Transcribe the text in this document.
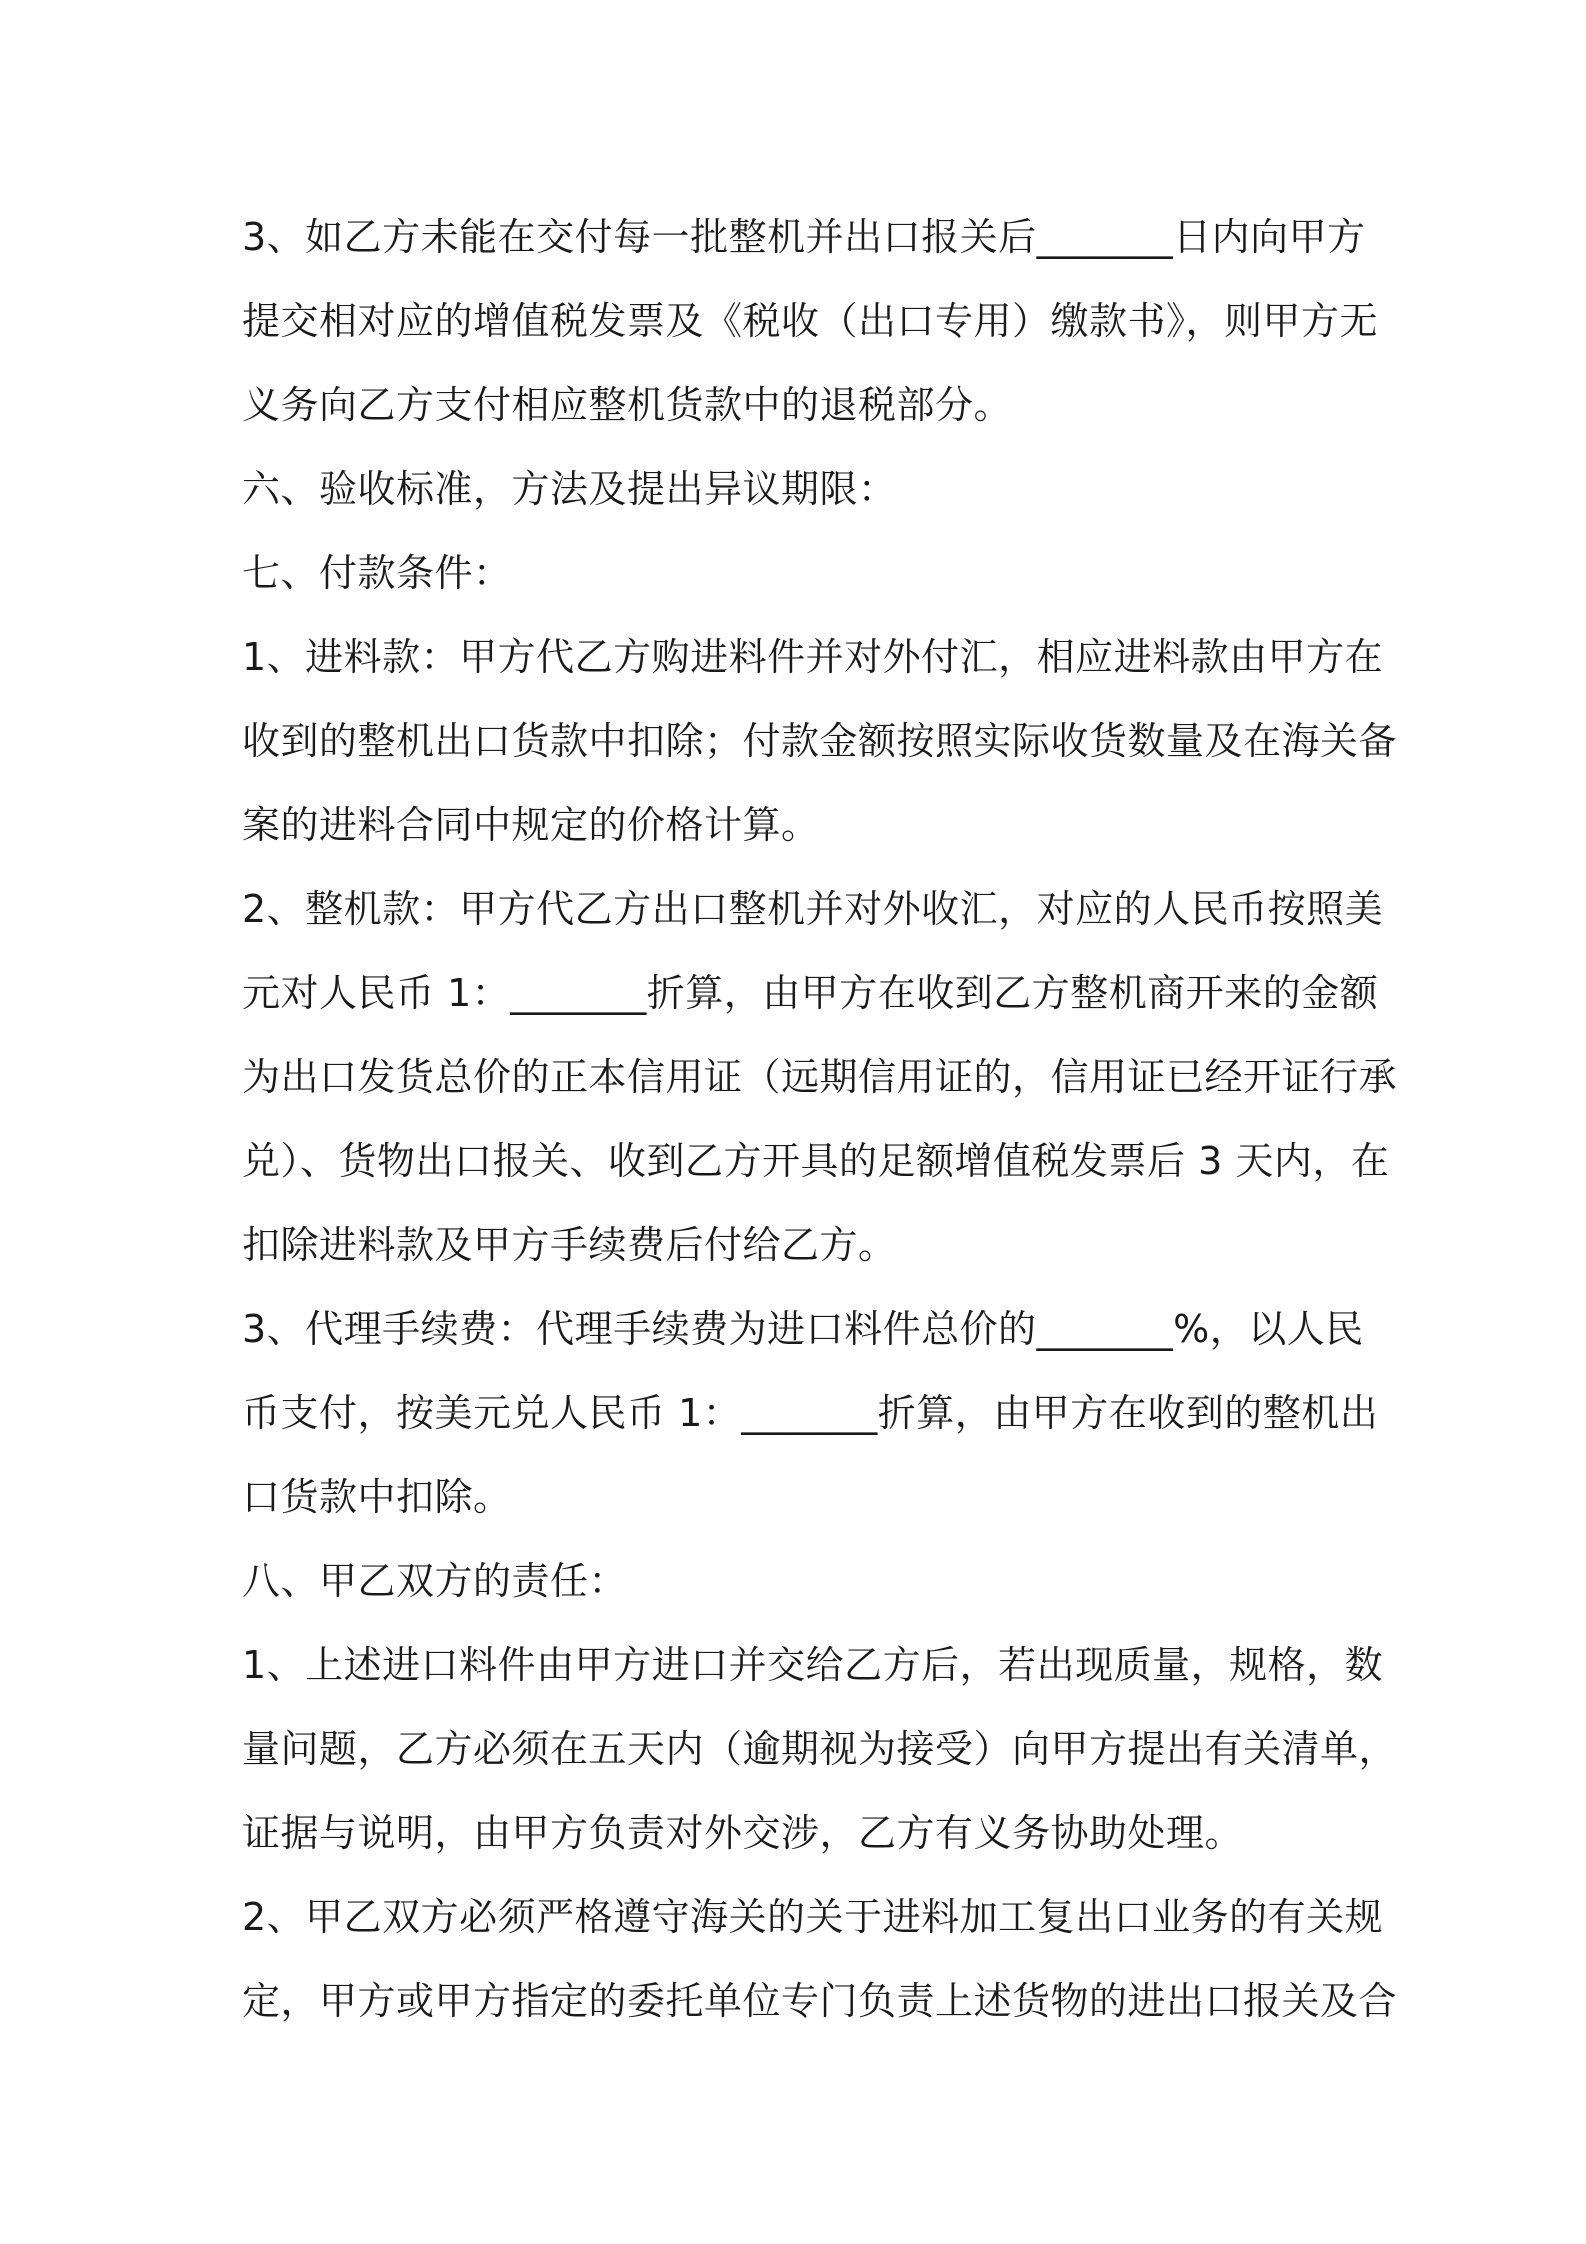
3、如乙方未能在交付每一批整机并出口报关后_______日内向甲方
提交相对应的增值税发票及《税收（出口专用）缴款书》，则甲方无
义务向乙方支付相应整机货款中的退税部分。
六、验收标准，方法及提出异议期限：
七、付款条件：
1、进料款：甲方代乙方购进料件并对外付汇，相应进料款由甲方在
收到的整机出口货款中扣除；付款金额按照实际收货数量及在海关备
案的进料合同中规定的价格计算。
2、整机款：甲方代乙方出口整机并对外收汇，对应的人民币按照美
元对人民币 1：_______折算，由甲方在收到乙方整机商开来的金额
为出口发货总价的正本信用证（远期信用证的，信用证已经开证行承
兑）、货物出口报关、收到乙方开具的足额增值税发票后 3 天内，在
扣除进料款及甲方手续费后付给乙方。
3、代理手续费：代理手续费为进口料件总价的_______%，以人民
币支付，按美元兑人民币 1：_______折算，由甲方在收到的整机出
口货款中扣除。
八、甲乙双方的责任：
1、上述进口料件由甲方进口并交给乙方后，若出现质量，规格，数
量问题，乙方必须在五天内（逾期视为接受）向甲方提出有关清单，
证据与说明，由甲方负责对外交涉，乙方有义务协助处理。
2、甲乙双方必须严格遵守海关的关于进料加工复出口业务的有关规
定，甲方或甲方指定的委托单位专门负责上述货物的进出口报关及合
